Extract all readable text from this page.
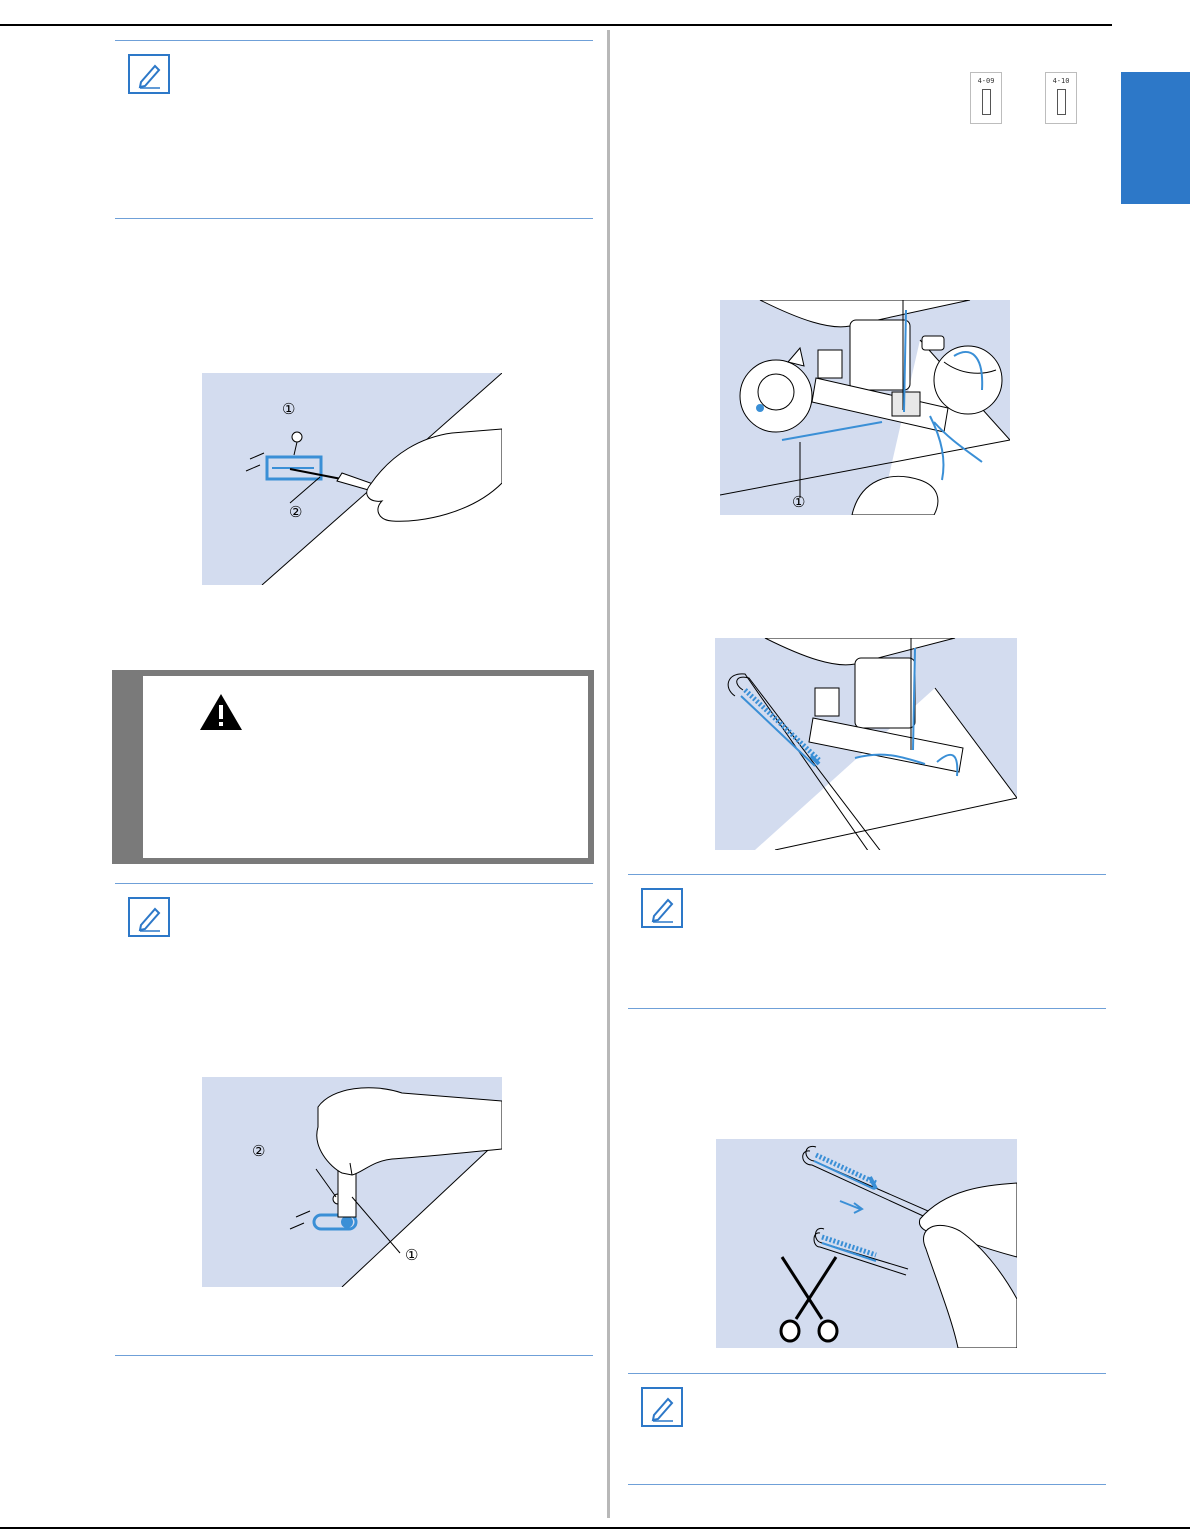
①
②
②
①
4-09	4-10
①
